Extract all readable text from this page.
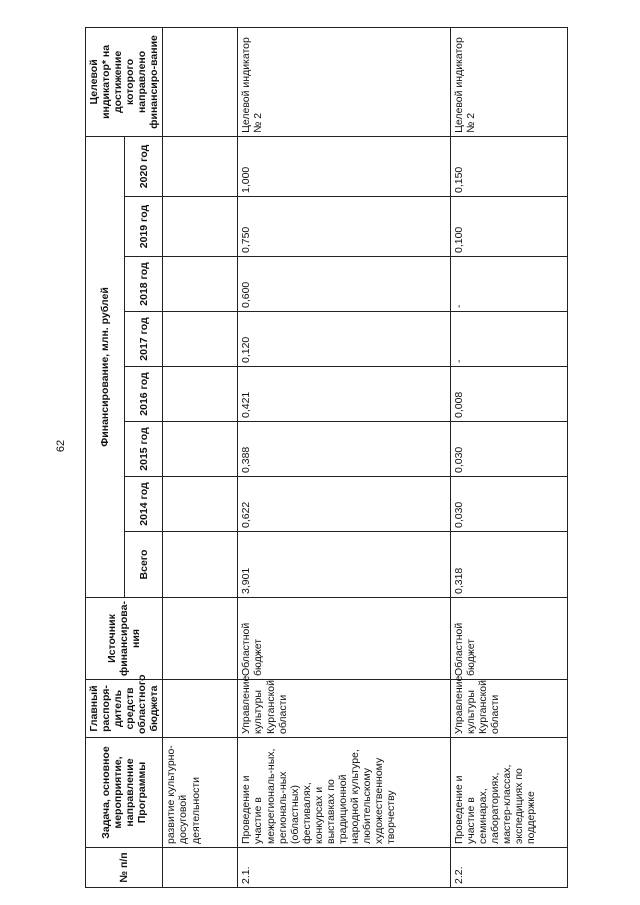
62
№ п/п	Задача, основное мероприятие, направление Программы	Главный распоря-дитель средств областного бюджета	Источник финансирова-ния	Финансирование, млн. рублей								Целевой индикатор* на достижение которого направлено финансиро-вание
				Всего	2014 год	2015 год	2016 год	2017 год	2018 год	2019 год	2020 год	
	развитие культурно-досуговой деятельности											
2.1.	Проведение и участие в межрегиональ-ных, региональ-ных (областных) фестивалях, конкурсах и выставках по традиционной народной культуре, любительскому художественному творчеству	Управление культуры Курганской области	Областной бюджет	3,901	0,622	0,388	0,421	0,120	0,600	0,750	1,000	Целевой индикатор № 2
2.2.	Проведение и участие в семинарах, лабораториях, мастер-классах, экспедициях по поддержке	Управление культуры Курганской области	Областной бюджет	0,318	0,030	0,030	0,008	-	-	0,100	0,150	Целевой индикатор № 2
